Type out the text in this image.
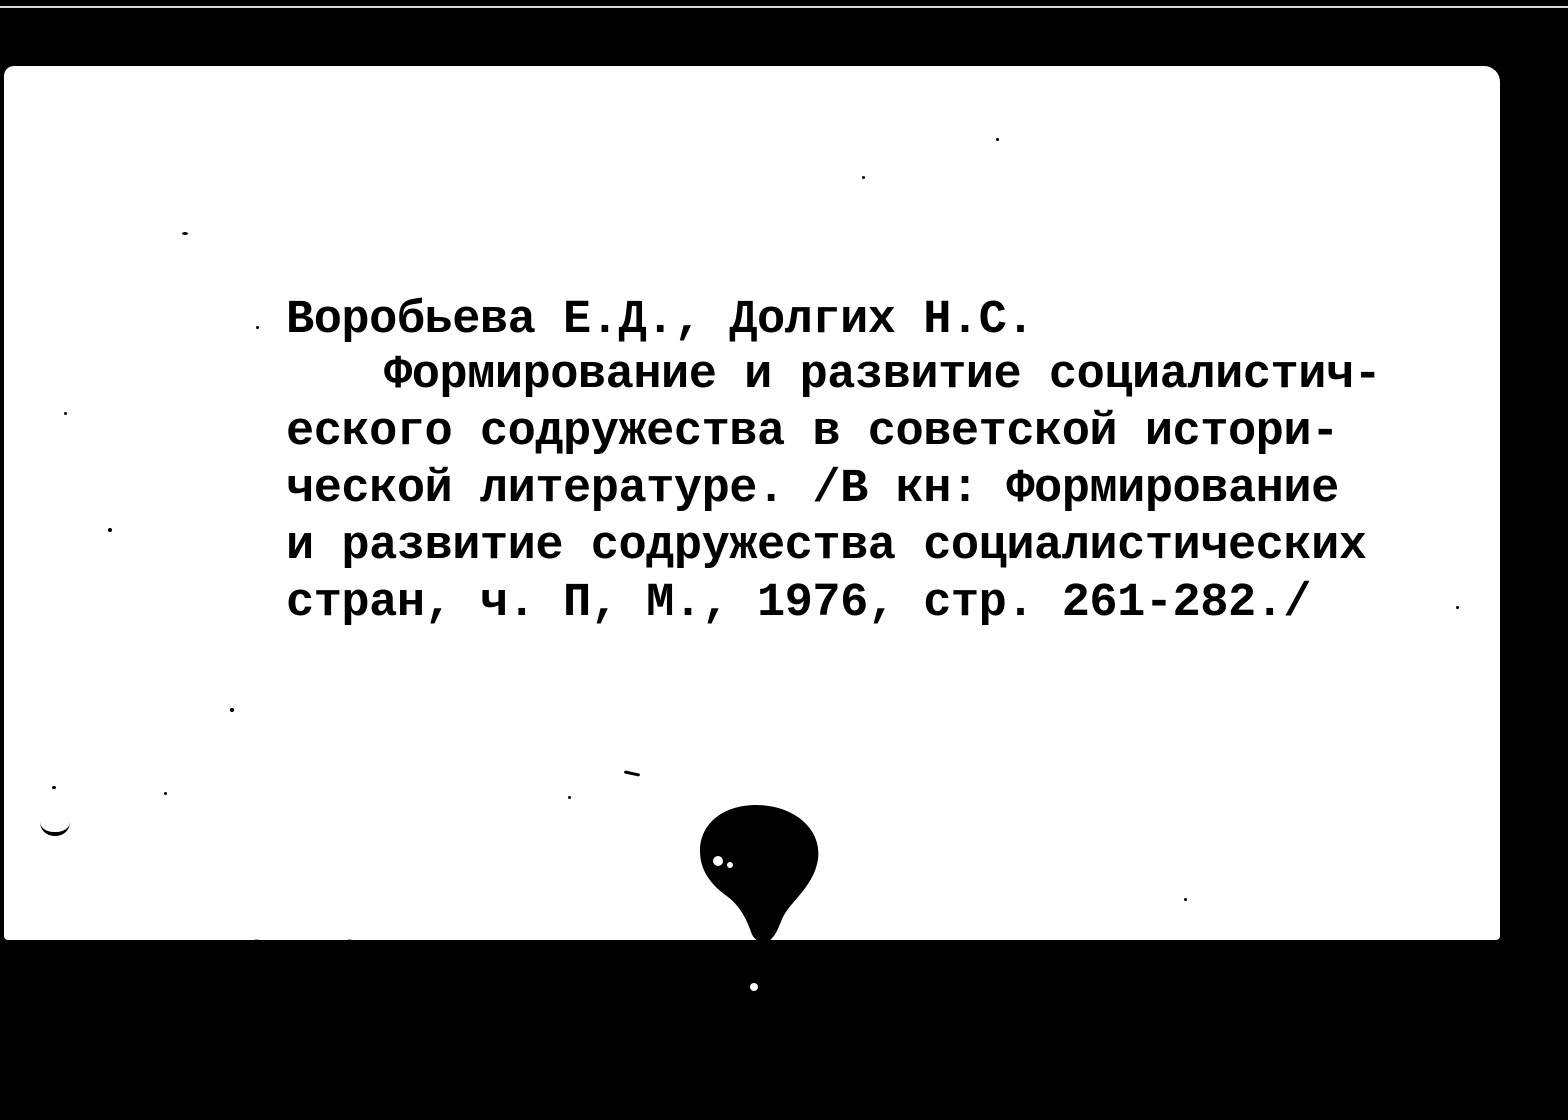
Воробьева Е.Д., Долгих Н.С.
Формирование и развитие социалистич-
еского содружества в советской истори-
ческой литературе. /В кн: Формирование
и развитие содружества социалистических
стран, ч. П, М., 1976, стр. 261-282./
R 53 B(10)
